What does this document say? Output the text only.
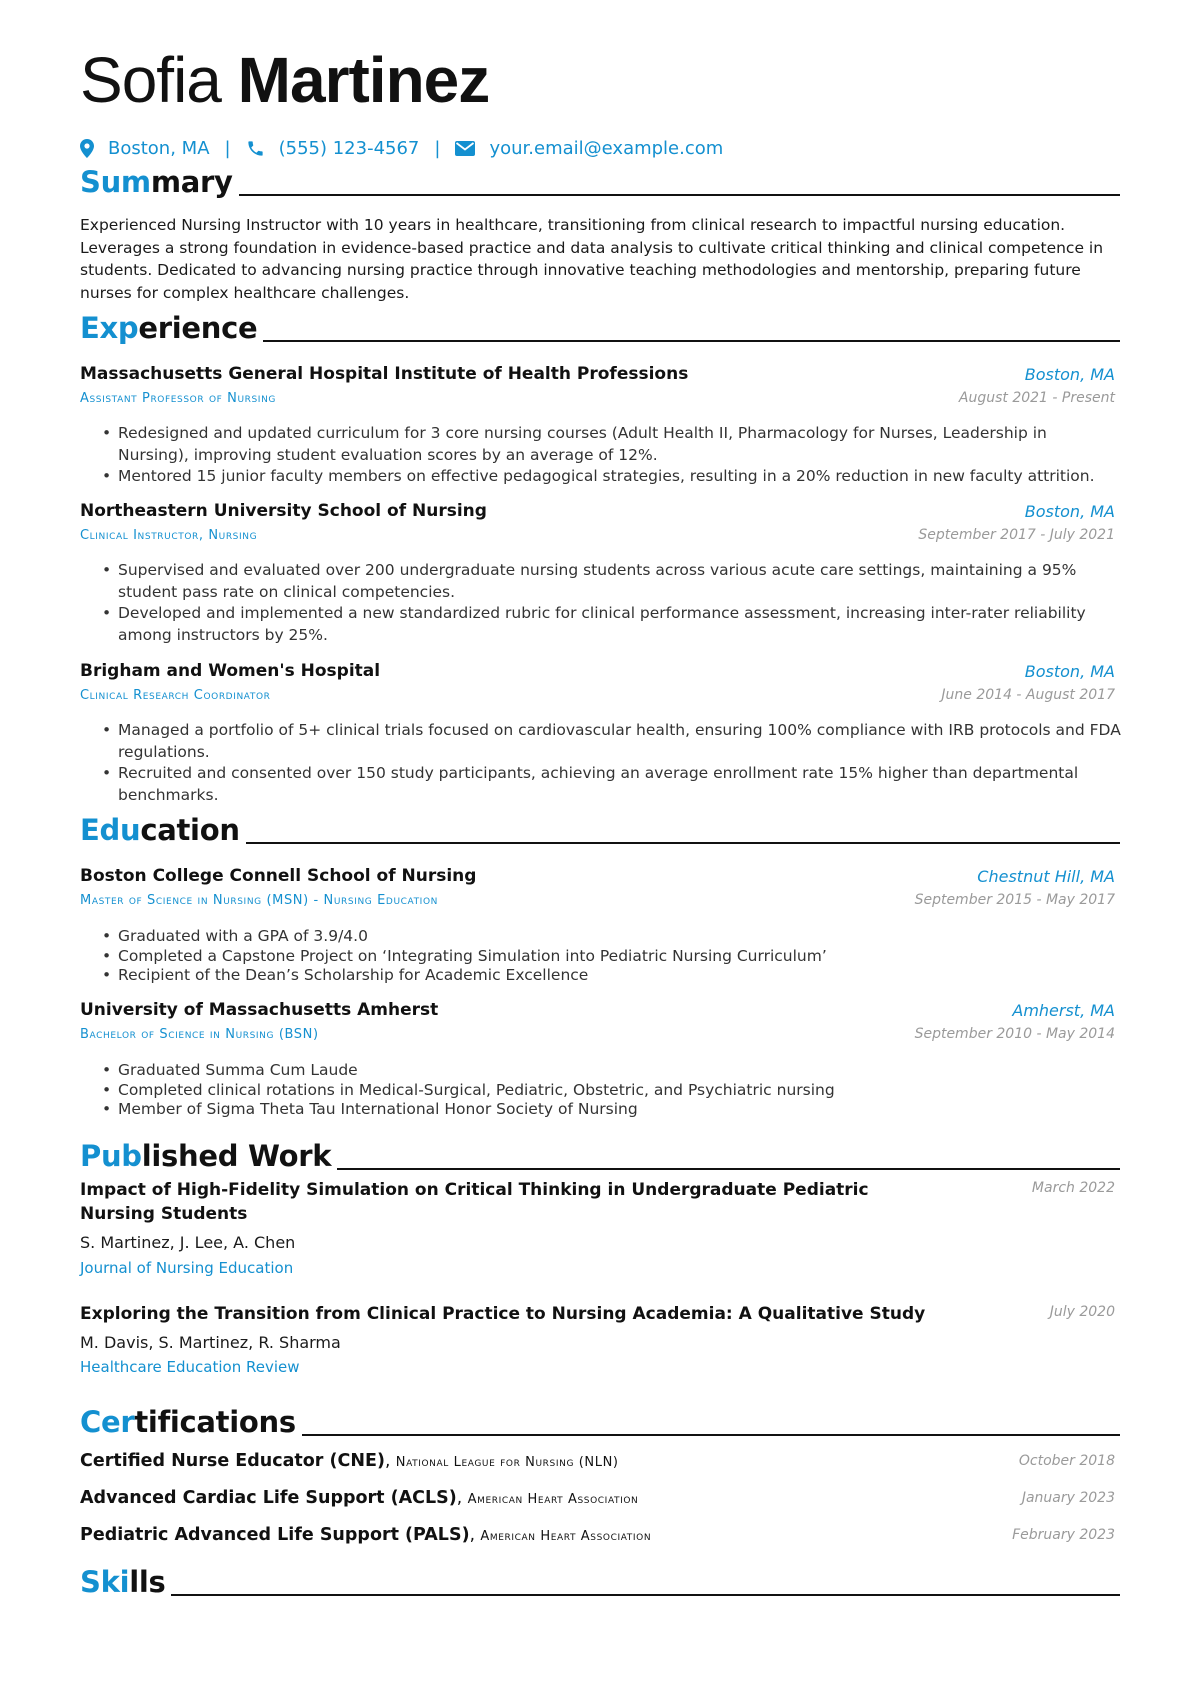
Sofia Martinez
Boston, MA |	(555) 123-4567 |	your.email@example.com
Summary

Experienced Nursing Instructor with 10 years in healthcare, transitioning from clinical research to impactful nursing education. Leverages a strong foundation in evidence-based practice and data analysis to cultivate critical thinking and clinical competence in students. Dedicated to advancing nursing practice through innovative teaching methodologies and mentorship, preparing future nurses for complex healthcare challenges.

Experience
Massachusetts General Hospital Institute of Health Professions	Boston, MA
Assistant Professor of Nursing	August 2021 - Present
• Redesigned and updated curriculum for 3 core nursing courses (Adult Health II, Pharmacology for Nurses, Leadership in Nursing), improving student evaluation scores by an average of 12%.
• Mentored 15 junior faculty members on effective pedagogical strategies, resulting in a 20% reduction in new faculty attrition.
Northeastern University School of Nursing	Boston, MA
Clinical Instructor, Nursing	September 2017 - July 2021
• Supervised and evaluated over 200 undergraduate nursing students across various acute care settings, maintaining a 95% student pass rate on clinical competencies.
• Developed and implemented a new standardized rubric for clinical performance assessment, increasing inter-rater reliability among instructors by 25%.
Brigham and Women's Hospital	Boston, MA
Clinical Research Coordinator	June 2014 - August 2017
• Managed a portfolio of 5+ clinical trials focused on cardiovascular health, ensuring 100% compliance with IRB protocols and FDA regulations.
• Recruited and consented over 150 study participants, achieving an average enrollment rate 15% higher than departmental benchmarks.
Education
Boston College Connell School of Nursing	Chestnut Hill, MA
Master of Science in Nursing (MSN) - Nursing Education	September 2015 - May 2017
• Graduated with a GPA of 3.9/4.0
• Completed a Capstone Project on ‘Integrating Simulation into Pediatric Nursing Curriculum’
• Recipient of the Dean’s Scholarship for Academic Excellence
University of Massachusetts Amherst	Amherst, MA
Bachelor of Science in Nursing (BSN)	September 2010 - May 2014
• Graduated Summa Cum Laude
• Completed clinical rotations in Medical-Surgical, Pediatric, Obstetric, and Psychiatric nursing
• Member of Sigma Theta Tau International Honor Society of Nursing
Published Work
Impact of High-Fidelity Simulation on Critical Thinking in Undergraduate Pediatric Nursing Students
March 2022
S. Martinez, J. Lee, A. Chen
Journal of Nursing Education
Exploring the Transition from Clinical Practice to Nursing Academia: A Qualitative Study	July 2020
M. Davis, S. Martinez, R. Sharma
Healthcare Education Review
Certifications
Certified Nurse Educator (CNE), National League for Nursing (NLN)	October 2018
Advanced Cardiac Life Support (ACLS), American Heart Association	January 2023
Pediatric Advanced Life Support (PALS), American Heart Association	February 2023
Skills
